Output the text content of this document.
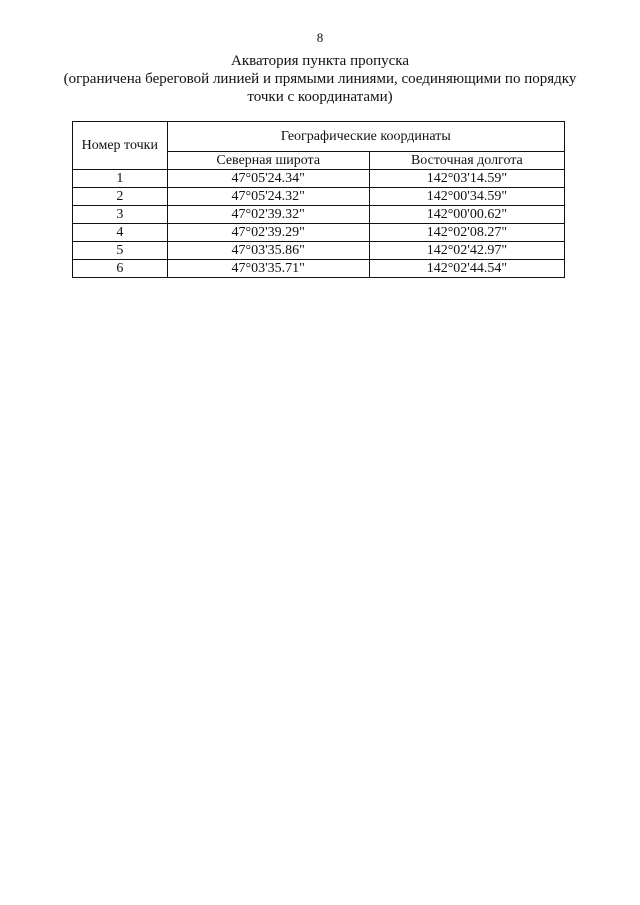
8
Акватория пункта пропуска
(ограничена береговой линией и прямыми линиями, соединяющими по порядку
точки с координатами)
Номер точки	Географические координаты	
	Северная широта	Восточная долгота
1	47°05'24.34"	142°03'14.59"
2	47°05'24.32"	142°00'34.59"
3	47°02'39.32"	142°00'00.62"
4	47°02'39.29"	142°02'08.27"
5	47°03'35.86"	142°02'42.97"
6	47°03'35.71"	142°02'44.54"
